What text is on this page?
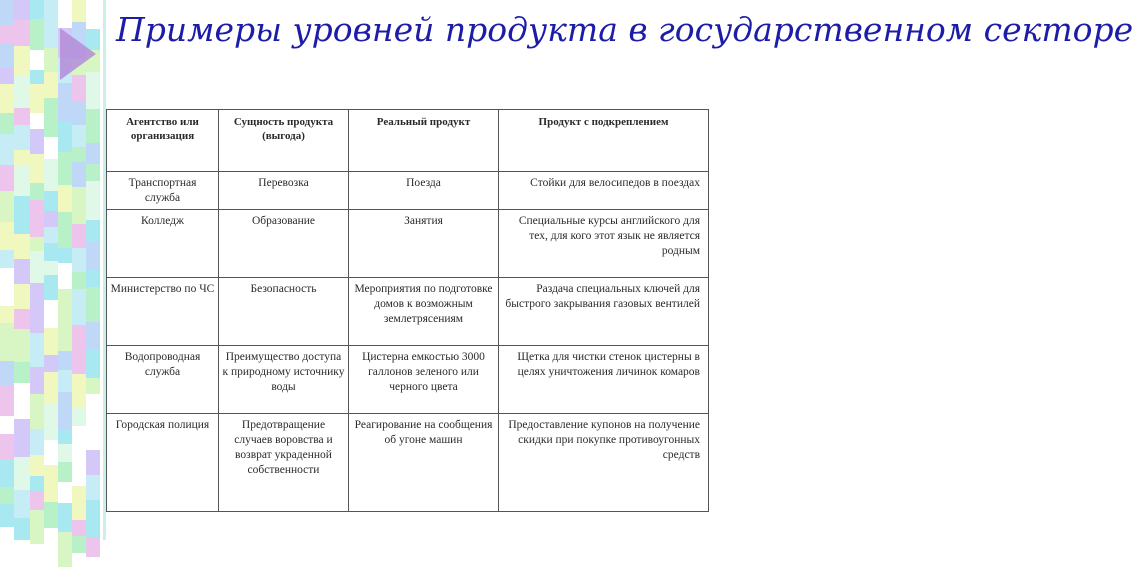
Примеры уровней продукта в государственном секторе
Агентство или организация	Сущность продукта (выгода)	Реальный продукт	Продукт с подкреплением
Транспортная служба	Перевозка	Поезда	Стойки для велосипедов в поездах
Колледж	Образование	Занятия	Специальные курсы английского для тех, для кого этот язык не является родным
Министерство по ЧС	Безопасность	Мероприятия по подготовке домов к возможным землетрясениям	Раздача специальных ключей для быстрого закрывания газовых вентилей
Водопроводная служба	Преимущество доступа к природному источнику воды	Цистерна емкостью 3000 галлонов зеленого или черного цвета	Щетка для чистки стенок цистерны в целях уничтожения личинок комаров
Городская полиция	Предотвращение случаев воровства и возврат украденной собственности	Реагирование на сообщения об угоне машин	Предоставление купонов на получение скидки при покупке противоугонных средств
